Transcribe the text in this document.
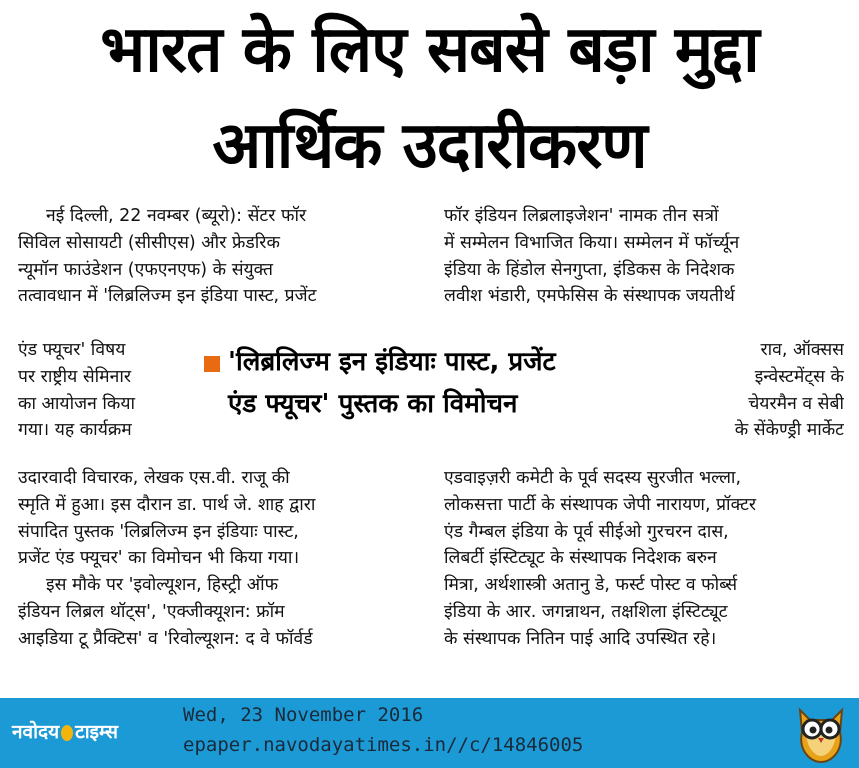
भारत के लिए सबसे बड़ा मुद्दा
आर्थिक उदारीकरण

नई दिल्ली, 22 नवम्बर (ब्यूरो): सेंटर फॉर

सिविल सोसायटी (सीसीएस) और फ्रेडरिक

न्यूमॉन फाउंडेशन (एफएनएफ) के संयुक्त

तत्वावधान में 'लिब्रलिज्म इन इंडिया पास्ट, प्रजेंट

एंड फ्यूचर' विषय

पर राष्ट्रीय सेमिनार

का आयोजन किया

गया। यह कार्यक्रम

उदारवादी विचारक, लेखक एस.वी. राजू की

स्मृति में हुआ। इस दौरान डा. पार्थ जे. शाह द्वारा

संपादित पुस्तक 'लिब्रलिज्म इन इंडियाः पास्ट,

प्रजेंट एंड फ्यूचर' का विमोचन भी किया गया।

इस मौके पर 'इवोल्यूशन, हिस्ट्री ऑफ

इंडियन लिब्रल थॉट्स', 'एक्जीक्यूशन: फ्रॉम

आइडिया टू प्रैक्टिस' व 'रिवोल्यूशन: द वे फॉर्वर्ड

फॉर इंडियन लिब्रलाइजेशन' नामक तीन सत्रों

में सम्मेलन विभाजित किया। सम्मेलन में फॉर्च्यून

इंडिया के हिंडोल सेनगुप्ता, इंडिकस के निदेशक

लवीश भंडारी, एमफेसिस के संस्थापक जयतीर्थ

राव, ऑक्सस

इन्वेस्टमेंट्स के

चेयरमैन व सेबी

के सेंकेण्ड्री मार्केट

एडवाइज़री कमेटी के पूर्व सदस्य सुरजीत भल्ला,

लोकसत्ता पार्टी के संस्थापक जेपी नारायण, प्रॉक्टर

एंड गैम्बल इंडिया के पूर्व सीईओ गुरचरन दास,

लिबर्टी इंस्टिट्यूट के संस्थापक निदेशक बरुन

मित्रा, अर्थशास्त्री अतानु डे, फर्स्ट पोस्ट व फोर्ब्स

इंडिया के आर. जगन्नाथन, तक्षशिला इंस्टिट्यूट

के संस्थापक नितिन पाई आदि उपस्थित रहे।

'लिब्रलिज्म इन इंडियाः पास्ट, प्रजेंट
एंड फ्यूचर' पुस्तक का विमोचन
नवोदय टाइम्स
Wed, 23 November 2016
epaper.navodayatimes.in//c/14846005
